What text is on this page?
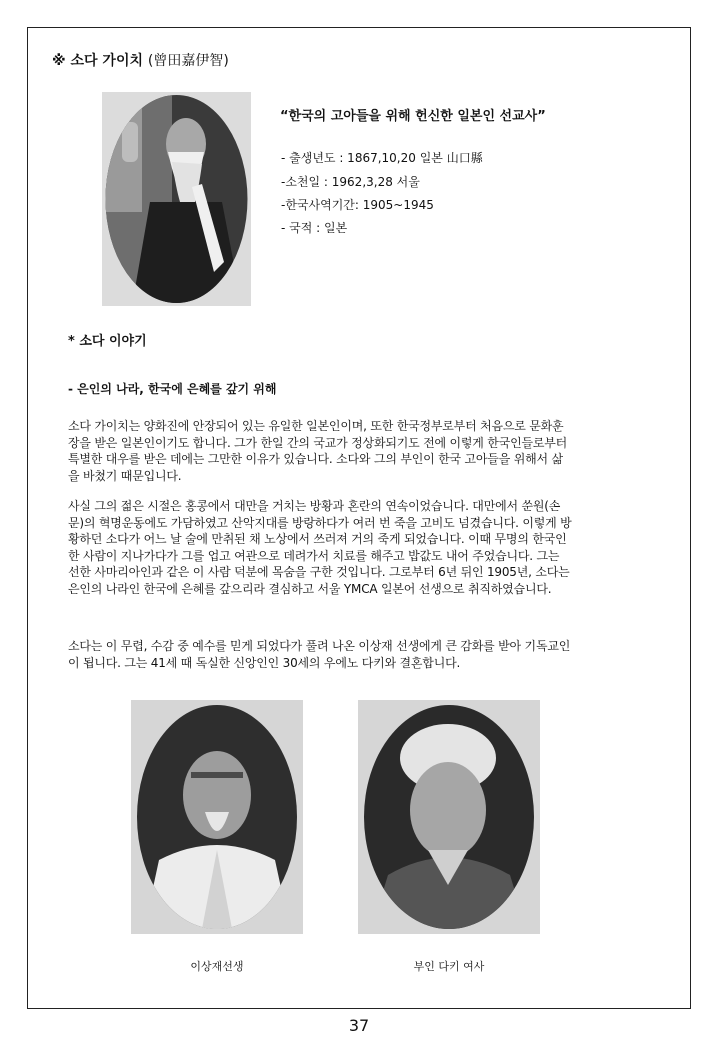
※ 소다 가이치 (曾田嘉伊智)
“한국의 고아들을 위해 헌신한 일본인 선교사”
- 출생년도 : 1867,10,20 일본 山口縣
-소천일 : 1962,3,28 서울
-한국사역기간: 1905~1945
- 국적 : 일본
* 소다 이야기
- 은인의 나라, 한국에 은혜를 갚기 위해
소다 가이치는 양화진에 안장되어 있는 유일한 일본인이며, 또한 한국정부로부터 처음으로 문화훈
장을 받은 일본인이기도 합니다. 그가 한일 간의 국교가 정상화되기도 전에 이렇게 한국인들로부터
특별한 대우를 받은 데에는 그만한 이유가 있습니다. 소다와 그의 부인이 한국 고아들을 위해서 삶
을 바쳤기 때문입니다.
사실 그의 젊은 시절은 홍콩에서 대만을 거치는 방황과 혼란의 연속이었습니다. 대만에서 쑨원(손
문)의 혁명운동에도 가담하였고 산악지대를 방랑하다가 여러 번 죽을 고비도 넘겼습니다. 이렇게 방
황하던 소다가 어느 날 술에 만취된 채 노상에서 쓰러져 거의 죽게 되었습니다. 이때 무명의 한국인
한 사람이 지나가다가 그를 업고 여관으로 데려가서 치료를 해주고 밥값도 내어 주었습니다. 그는
선한 사마리아인과 같은 이 사람 덕분에 목숨을 구한 것입니다. 그로부터 6년 뒤인 1905년, 소다는
은인의 나라인 한국에 은혜를 갚으리라 결심하고 서울 YMCA 일본어 선생으로 취직하였습니다.
소다는 이 무렵, 수감 중 예수를 믿게 되었다가 풀려 나온 이상재 선생에게 큰 감화를 받아 기독교인
이 됩니다. 그는 41세 때 독실한 신앙인인 30세의 우에노 다키와 결혼합니다.
이상재선생	부인 다키 여사
37
